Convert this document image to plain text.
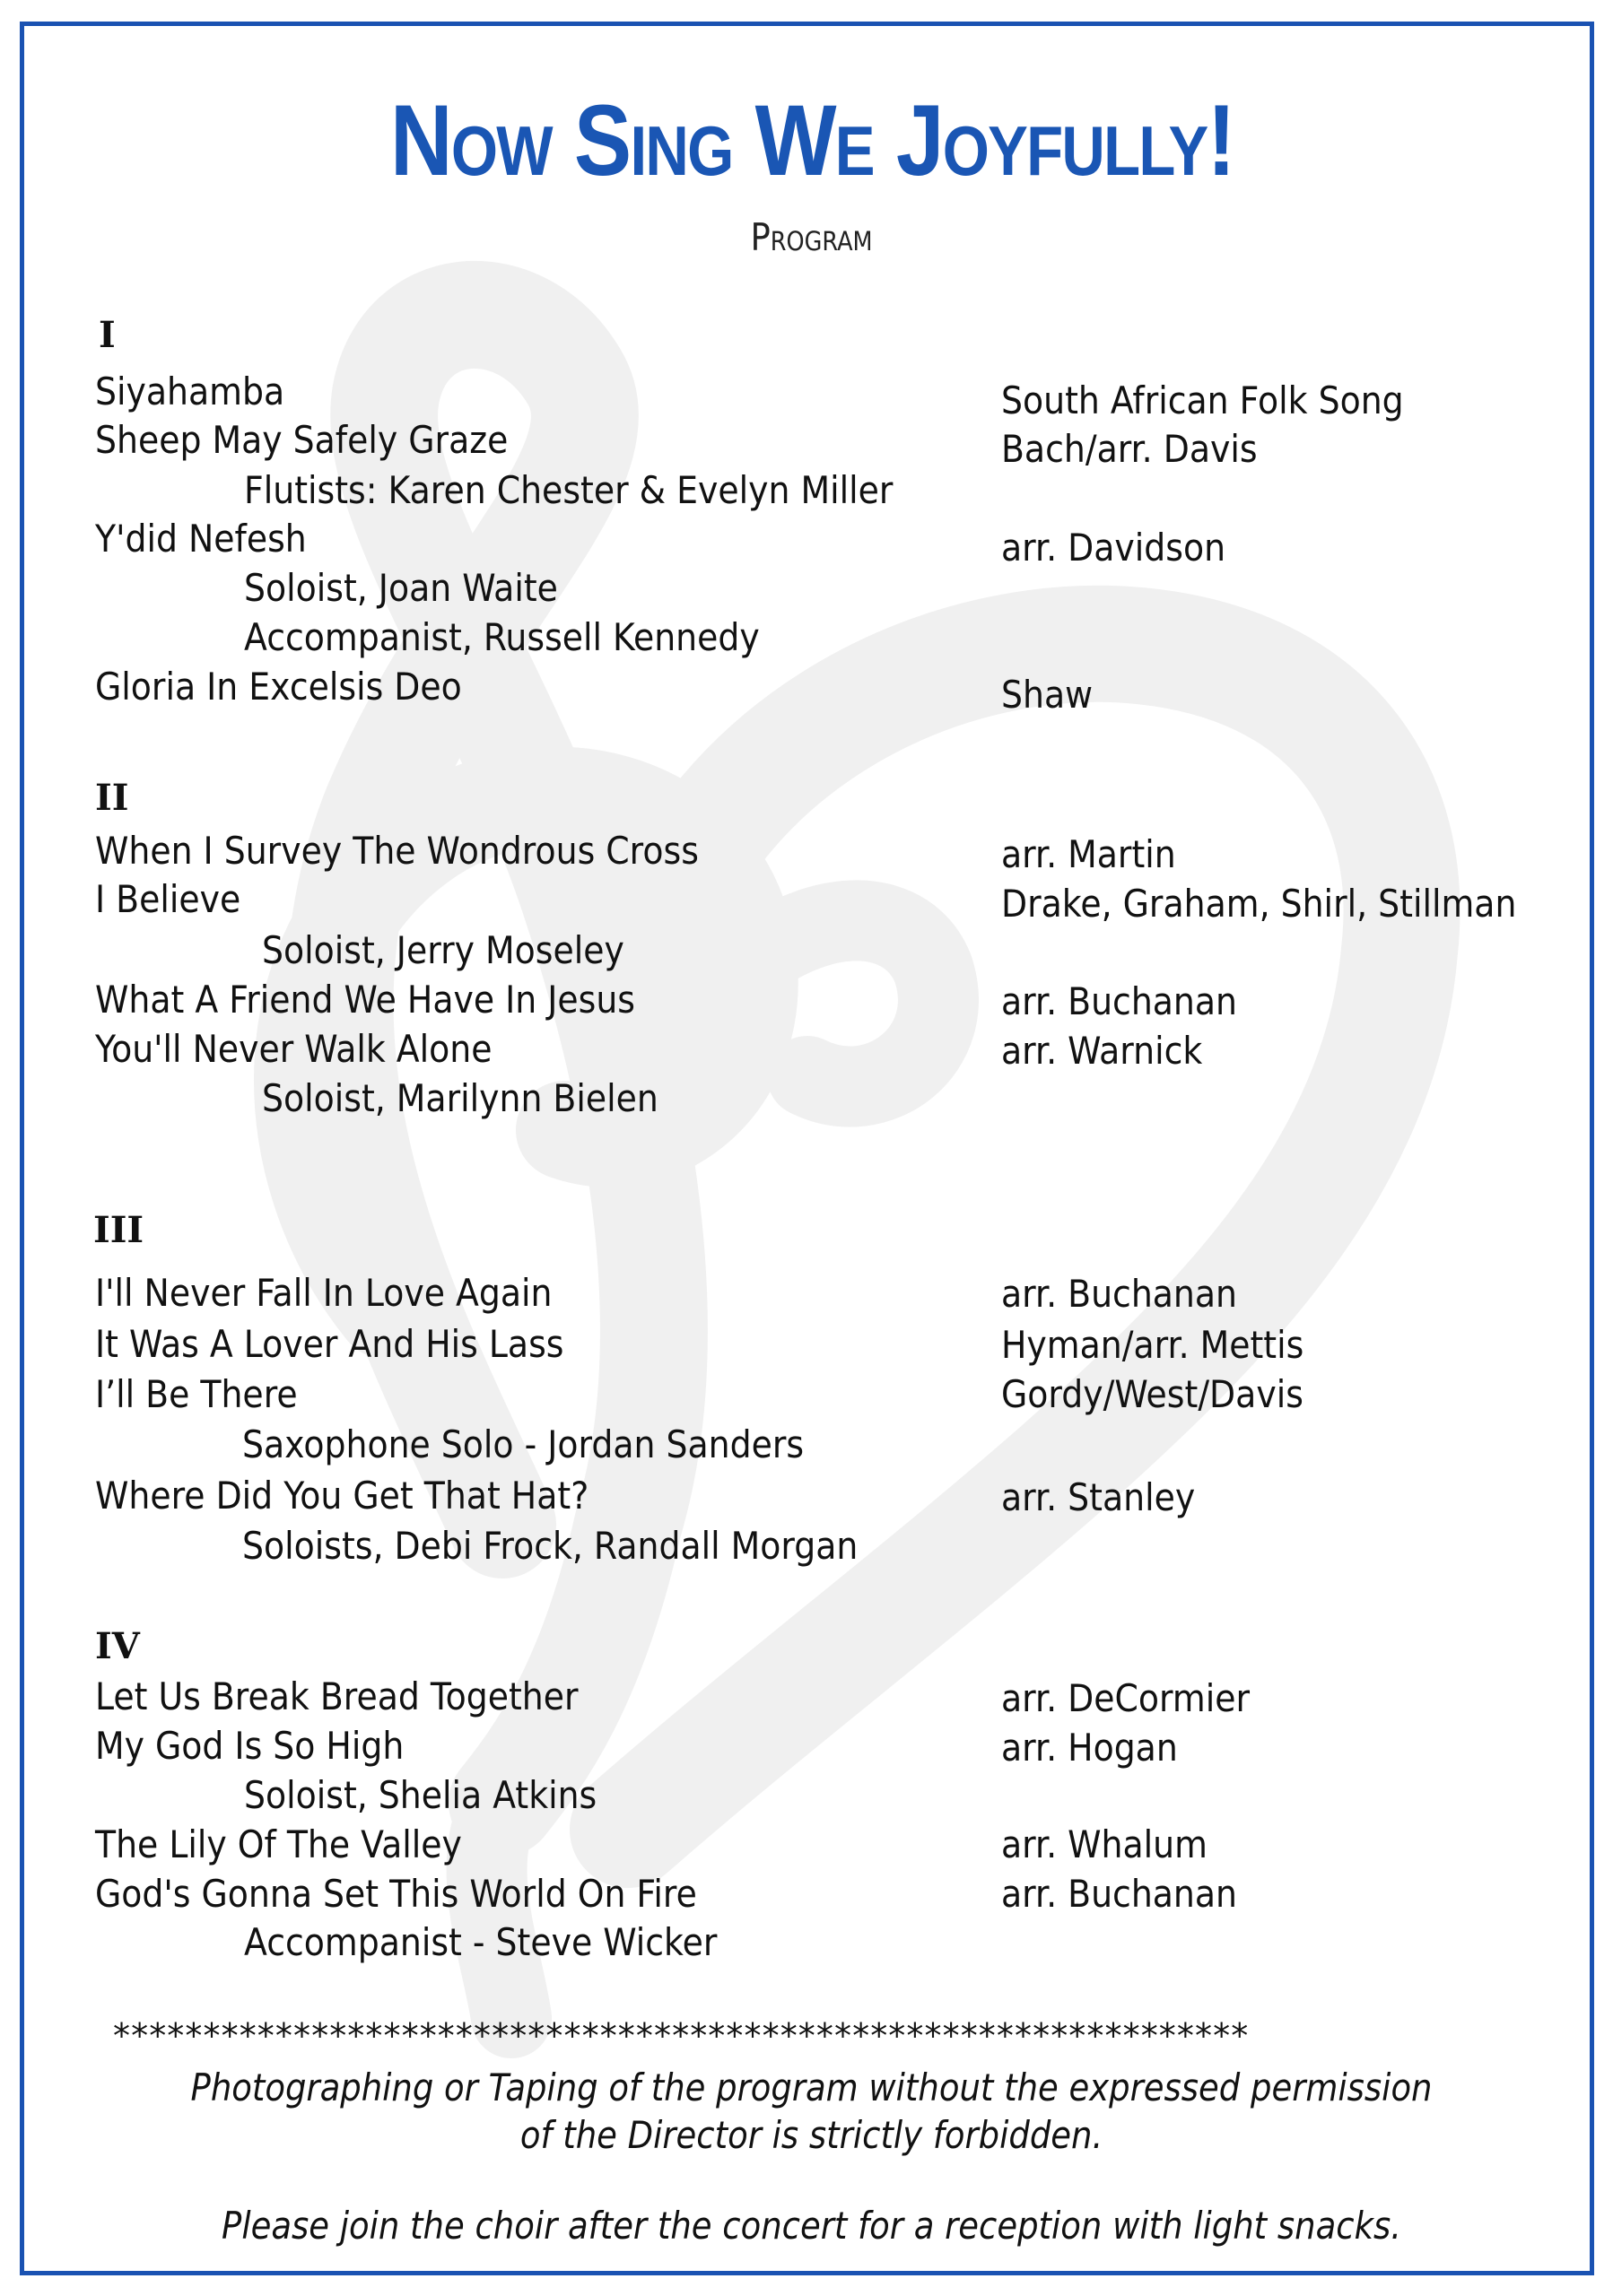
Now Sing We Joyfully!
Program
I
Siyahamba	South African Folk Song
Sheep May Safely Graze	Bach/arr. Davis
Flutists: Karen Chester & Evelyn Miller
Y'did Nefesh	arr. Davidson
Soloist, Joan Waite
Accompanist, Russell Kennedy
Gloria In Excelsis Deo	Shaw
II
When I Survey The Wondrous Cross	arr. Martin
I Believe	Drake, Graham, Shirl, Stillman
Soloist, Jerry Moseley
What A Friend We Have In Jesus	arr. Buchanan
You'll Never Walk Alone	arr. Warnick
Soloist, Marilynn Bielen
III
I'll Never Fall In Love Again	arr. Buchanan
It Was A Lover And His Lass	Hyman/arr. Mettis
I’ll Be There	Gordy/West/Davis
Saxophone Solo - Jordan Sanders
Where Did You Get That Hat?	arr. Stanley
Soloists, Debi Frock, Randall Morgan
IV
Let Us Break Bread Together	arr. DeCormier
My God Is So High	arr. Hogan
Soloist, Shelia Atkins
The Lily Of The Valley	arr. Whalum
God's Gonna Set This World On Fire	arr. Buchanan
Accompanist - Steve Wicker
***************************************************************
Photographing or Taping of the program without the expressed permission
of the Director is strictly forbidden.
Please join the choir after the concert for a reception with light snacks.
